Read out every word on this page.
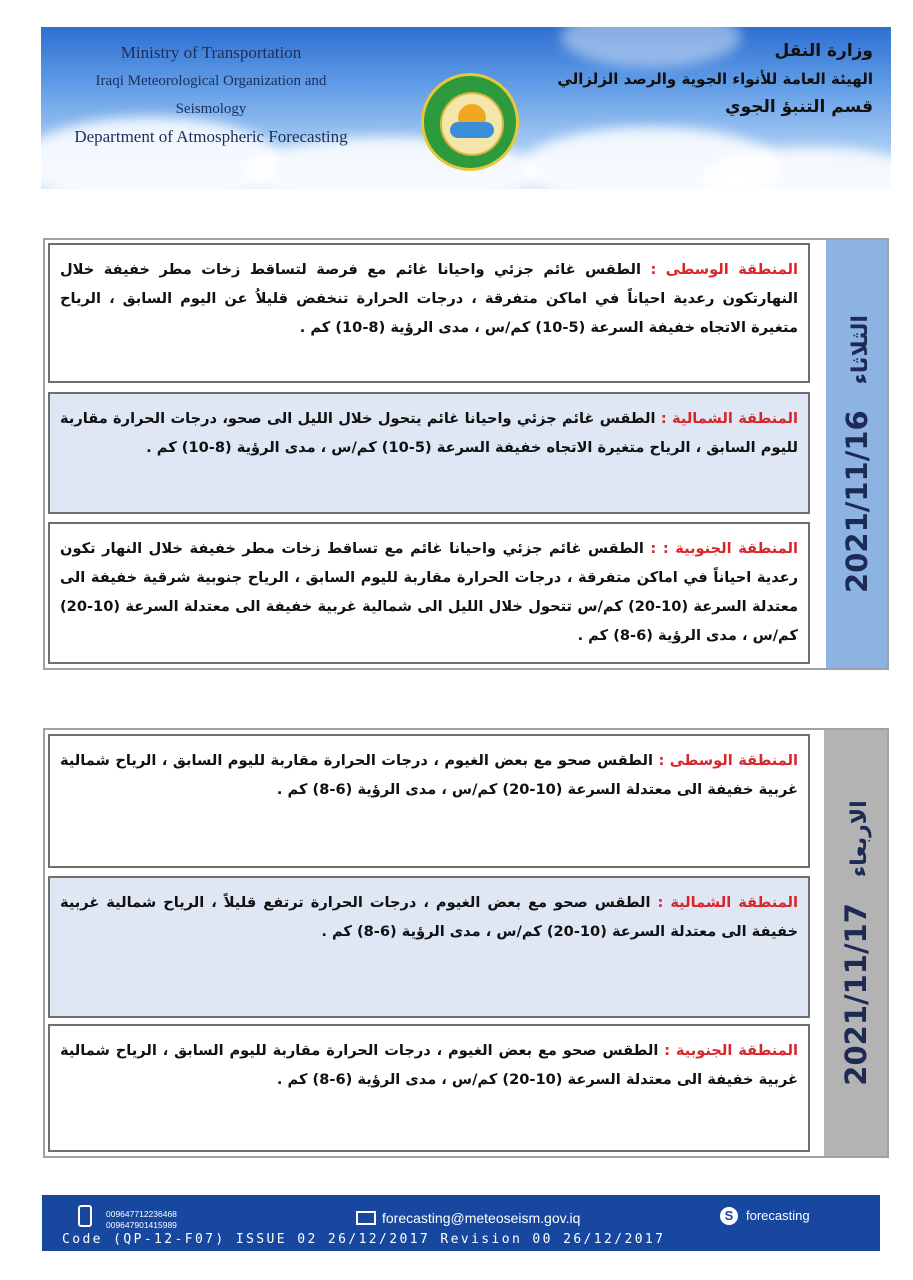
Ministry of Transportation
Iraqi Meteorological Organization and Seismology
Department of Atmospheric Forecasting
وزارة النقل
الهيئة العامة للأنواء الجوية والرصد الزلزالي
قسم التنبؤ الجوي
2021/11/16الثلاثاء
المنطقة الوسطى : الطقس غائم جزئي واحيانا غائم مع فرصة لتساقط زخات مطر خفيفة خلال النهارتكون رعدية احياناً في اماكن متفرقة ، درجات الحرارة تنخفض قليلاُ عن اليوم السابق ، الرياح متغيرة الاتجاه خفيفة السرعة (5-10) كم/س ، مدى الرؤية (8-10) كم .
المنطقة الشمالية : الطقس غائم جزئي واحيانا غائم يتحول خلال الليل الى صحو، درجات الحرارة مقاربة لليوم السابق ، الرياح متغيرة الاتجاه خفيفة السرعة (5-10) كم/س ، مدى الرؤية (8-10) كم .
المنطقة الجنوبية : : الطقس غائم جزئي واحيانا غائم مع تساقط زخات مطر خفيفة خلال النهار تكون رعدية احياناً في اماكن متفرقة ، درجات الحرارة مقاربة لليوم السابق ، الرياح جنوبية شرقية خفيفة الى معتدلة السرعة (10-20) كم/س تتحول خلال الليل الى شمالية غربية خفيفة الى معتدلة السرعة (10-20) كم/س ، مدى الرؤية (6-8) كم .
2021/11/17الاربعاء
المنطقة الوسطى : الطقس صحو مع بعض الغيوم ، درجات الحرارة مقاربة لليوم السابق ، الرياح شمالية غربية خفيفة الى معتدلة السرعة (10-20) كم/س ، مدى الرؤية (6-8) كم .
المنطقة الشمالية : الطقس صحو مع بعض الغيوم ، درجات الحرارة ترتفع قليلاً ، الرياح شمالية غربية خفيفة الى معتدلة السرعة (10-20) كم/س ، مدى الرؤية (6-8) كم .
المنطقة الجنوبية : الطقس صحو مع بعض الغيوم ، درجات الحرارة مقاربة لليوم السابق ، الرياح شمالية غربية خفيفة الى معتدلة السرعة (10-20) كم/س ، مدى الرؤية (6-8) كم .
009647712236468
009647901415989	forecasting@meteoseism.gov.iq	S forecasting
Code (QP-12-F07) ISSUE 02 26/12/2017 Revision 00 26/12/2017
